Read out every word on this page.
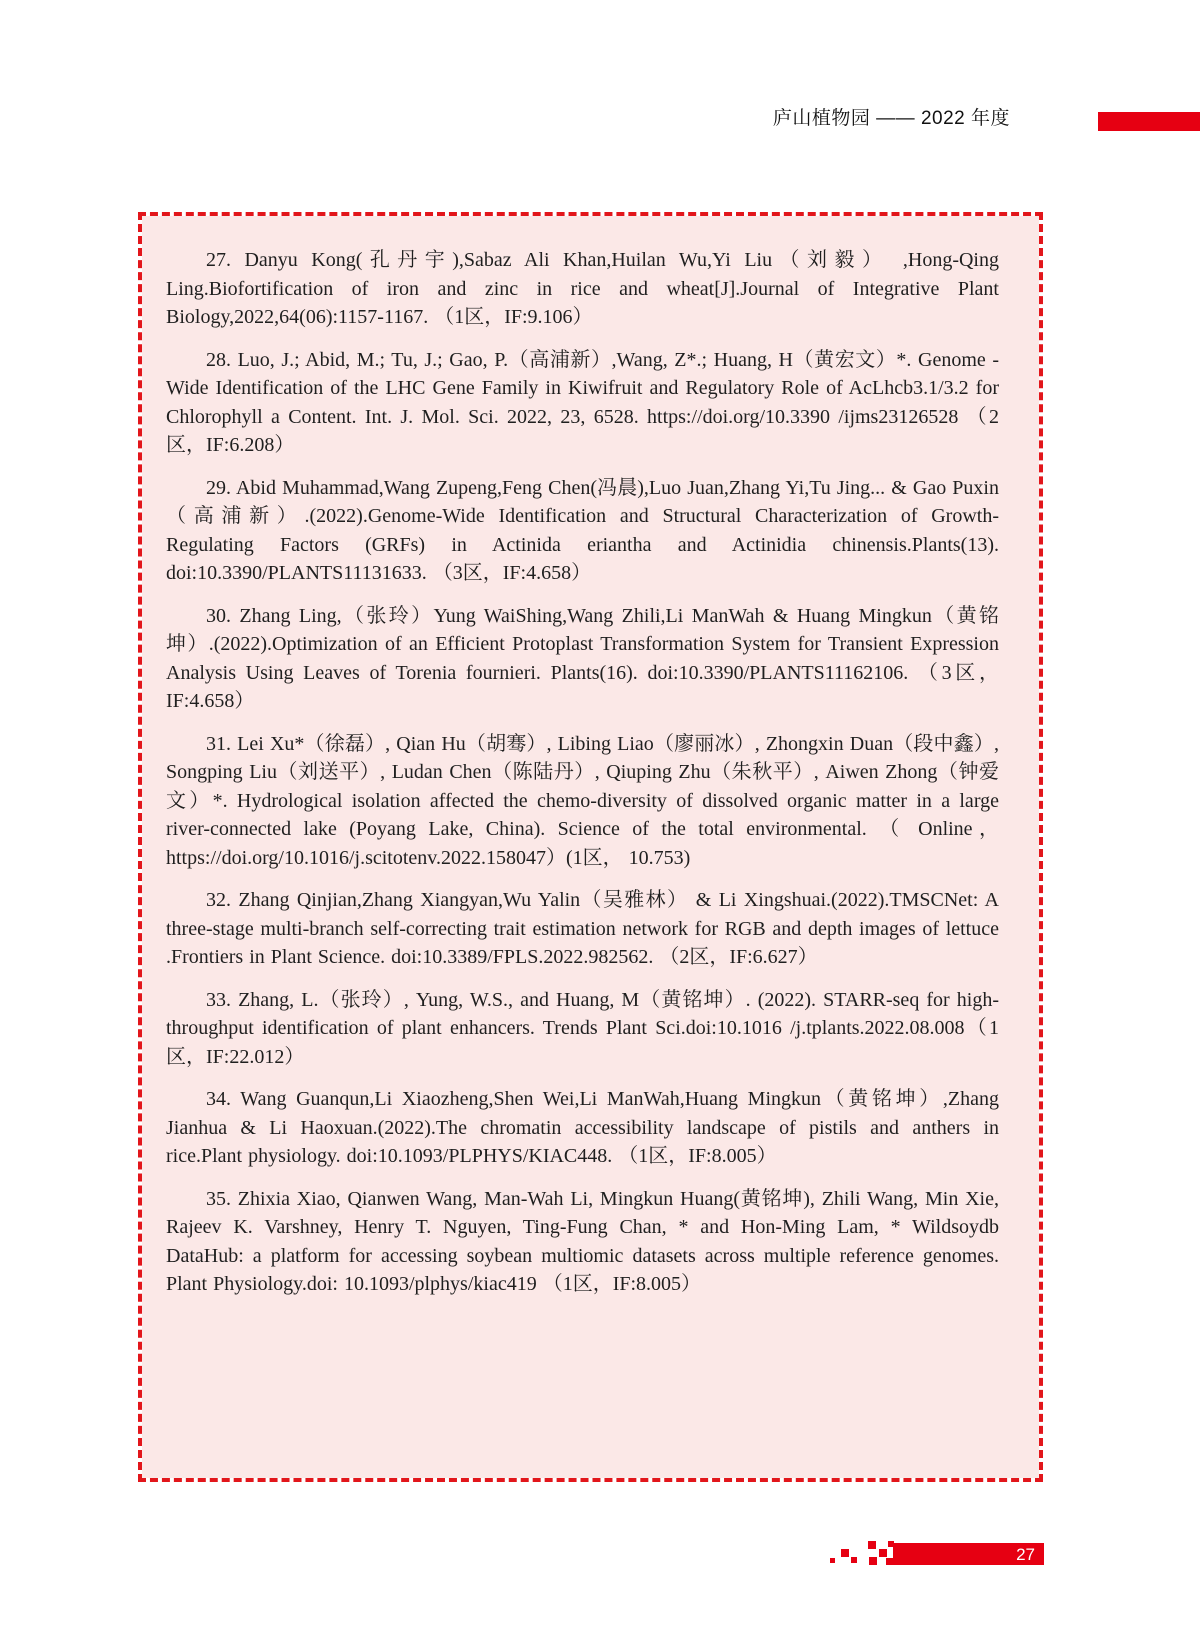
庐山植物园 —— 2022 年度

27. Danyu Kong(孔丹宇),Sabaz Ali Khan,Huilan Wu,Yi Liu（刘毅） ,Hong-Qing Ling.Biofortification of iron and zinc in rice and wheat[J].Journal of Integrative Plant Biology,2022,64(06):1157-1167. （1区，IF:9.106）

28. Luo, J.; Abid, M.; Tu, J.; Gao, P.（高浦新）,Wang, Z*.; Huang, H（黄宏文）*. Genome -Wide Identification of the LHC Gene Family in Kiwifruit and Regulatory Role of AcLhcb3.1/3.2 for Chlorophyll a Content. Int. J. Mol. Sci. 2022, 23, 6528. https://doi.org/10.3390 /ijms23126528 （2区，IF:6.208）

29. Abid Muhammad,Wang Zupeng,Feng Chen(冯晨),Luo Juan,Zhang Yi,Tu Jing... & Gao Puxin（高浦新）.(2022).Genome-Wide Identification and Structural Characterization of Growth-Regulating Factors (GRFs) in Actinida eriantha and Actinidia chinensis.Plants(13). doi:10.3390/PLANTS11131633. （3区，IF:4.658）

30. Zhang Ling,（张玲）Yung WaiShing,Wang Zhili,Li ManWah & Huang Mingkun（黄铭坤）.(2022).Optimization of an Efficient Protoplast Transformation System for Transient Expression Analysis Using Leaves of Torenia fournieri. Plants(16). doi:10.3390/PLANTS11162106. （3区，IF:4.658）

31. Lei Xu*（徐磊）, Qian Hu（胡骞）, Libing Liao（廖丽冰）, Zhongxin Duan（段中鑫）, Songping Liu（刘送平）, Ludan Chen（陈陆丹）, Qiuping Zhu（朱秋平）, Aiwen Zhong（钟爱文）*. Hydrological isolation affected the chemo-diversity of dissolved organic matter in a large river-connected lake (Poyang Lake, China). Science of the total environmental. （ Online， https://doi.org/10.1016/j.scitotenv.2022.158047）(1区， 10.753)

32. Zhang Qinjian,Zhang Xiangyan,Wu Yalin（吴雅林） & Li Xingshuai.(2022).TMSCNet: A three-stage multi-branch self-correcting trait estimation network for RGB and depth images of lettuce .Frontiers in Plant Science. doi:10.3389/FPLS.2022.982562. （2区，IF:6.627）

33. Zhang, L.（张玲）, Yung, W.S., and Huang, M（黄铭坤）. (2022). STARR-seq for high-throughput identification of plant enhancers. Trends Plant Sci.doi:10.1016 /j.tplants.2022.08.008（1区，IF:22.012）

34. Wang Guanqun,Li Xiaozheng,Shen Wei,Li ManWah,Huang Mingkun（黄铭坤）,Zhang Jianhua & Li Haoxuan.(2022).The chromatin accessibility landscape of pistils and anthers in rice.Plant physiology. doi:10.1093/PLPHYS/KIAC448. （1区，IF:8.005）

35. Zhixia Xiao, Qianwen Wang, Man-Wah Li, Mingkun Huang(黄铭坤), Zhili Wang, Min Xie, Rajeev K. Varshney, Henry T. Nguyen, Ting-Fung Chan, * and Hon-Ming Lam, * Wildsoydb DataHub: a platform for accessing soybean multiomic datasets across multiple reference genomes. Plant Physiology.doi: 10.1093/plphys/kiac419 （1区，IF:8.005）

27
